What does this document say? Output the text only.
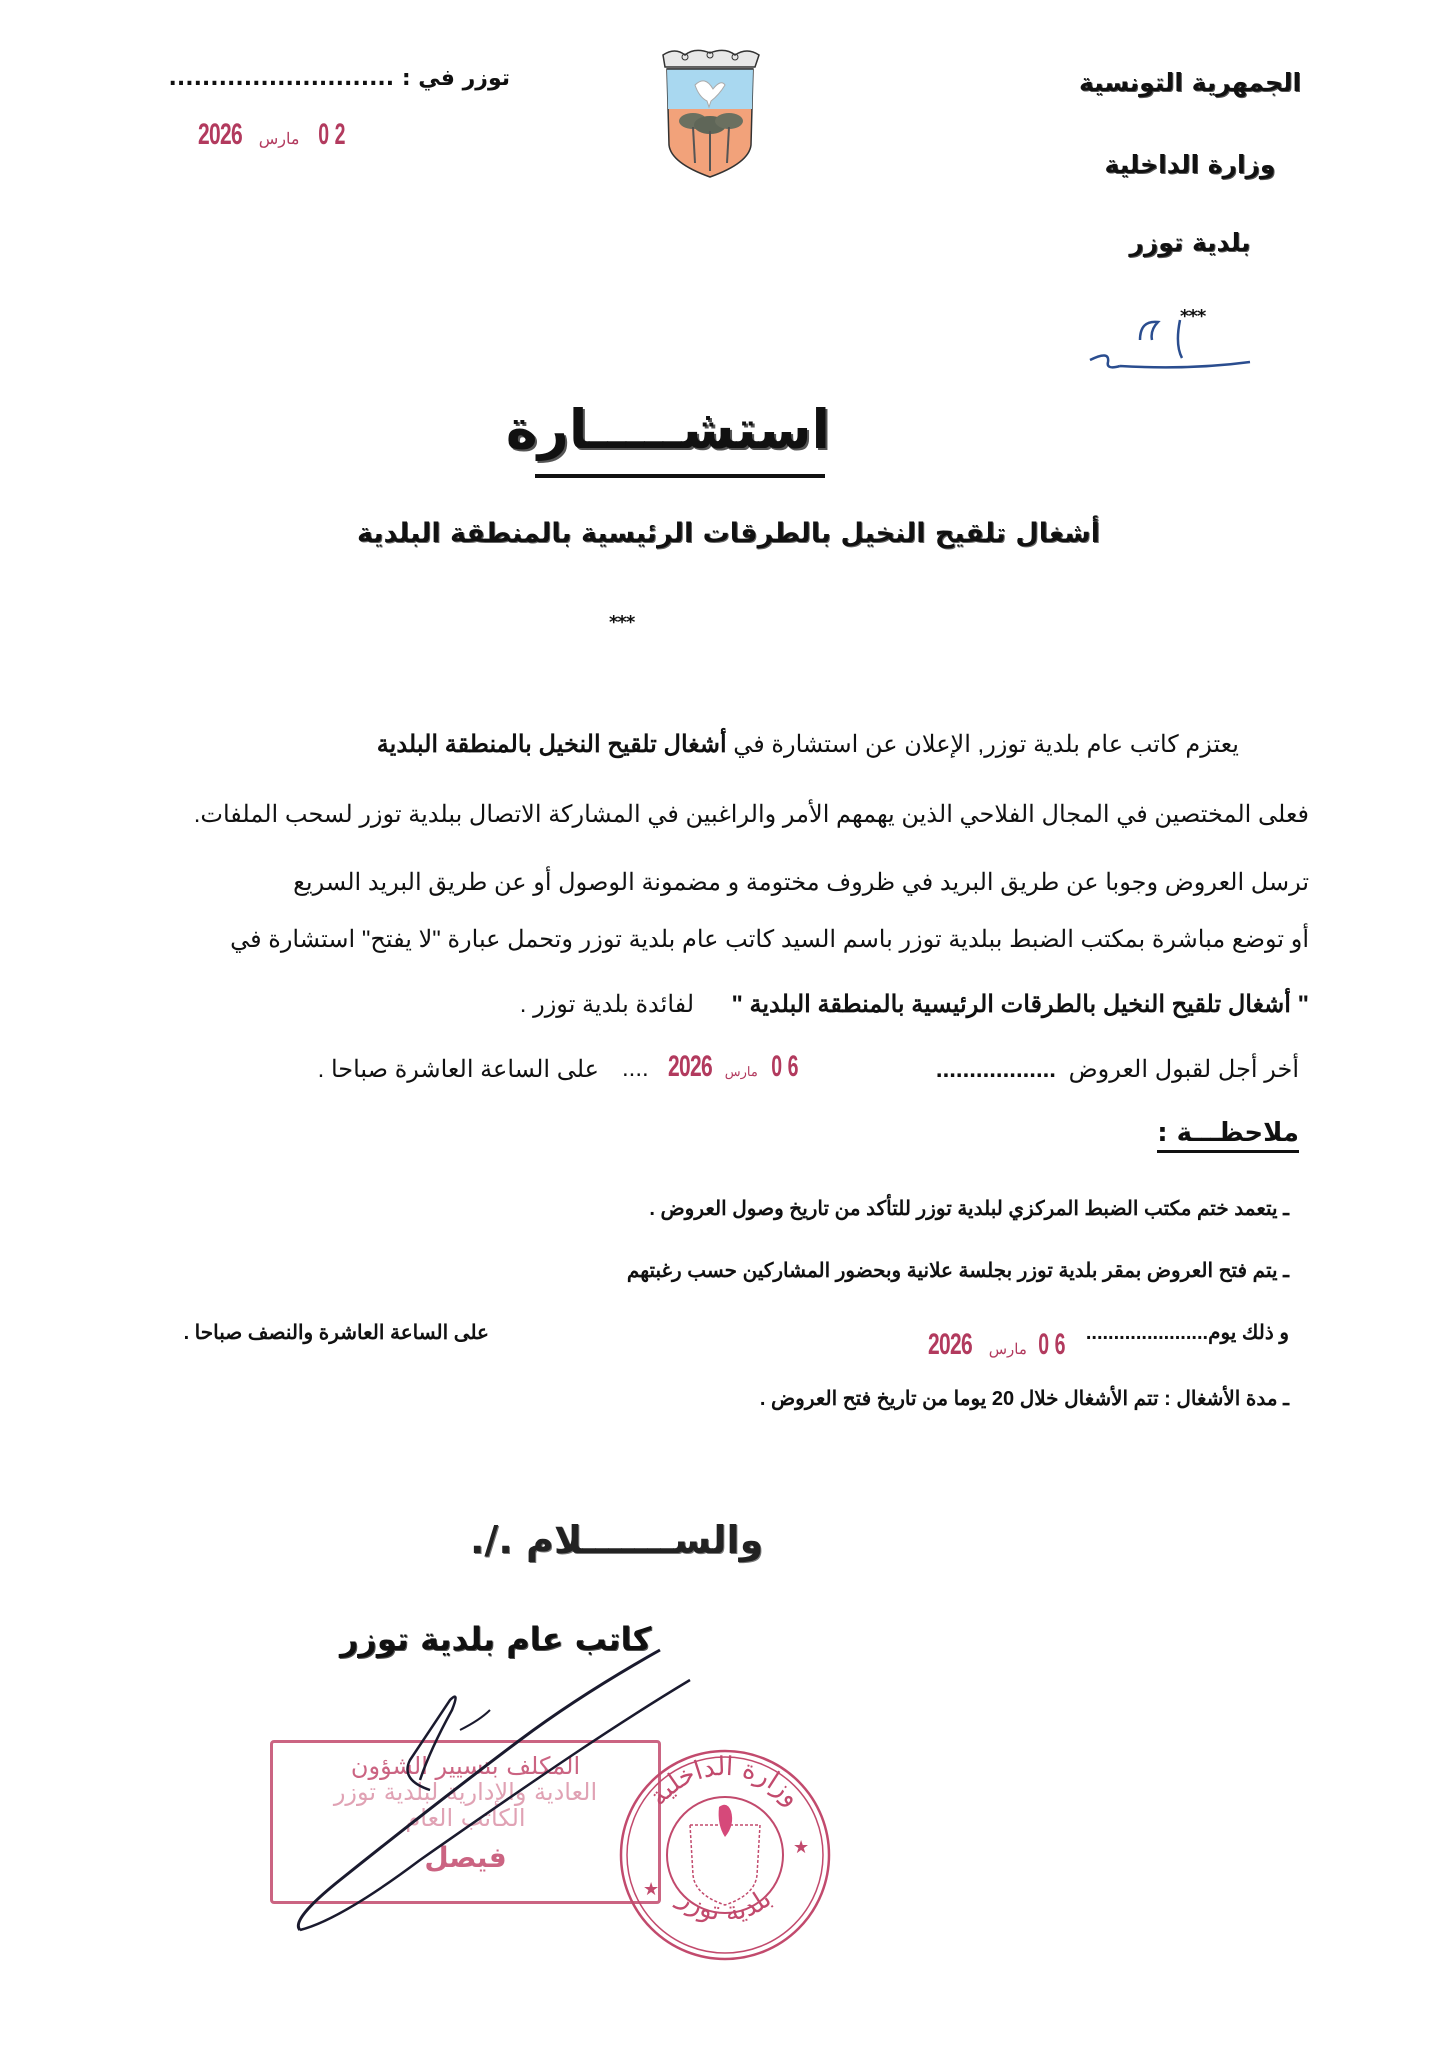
الجمهرية التونسية
وزارة الداخلية
بلدية توزر
***
توزر في : ...........................
2026 مارس 0 2
استشـــــارة
أشغال تلقيح النخيل بالطرقات الرئيسية بالمنطقة البلدية
***
يعتزم كاتب عام بلدية توزر, الإعلان عن استشارة في أشغال تلقيح النخيل بالمنطقة البلدية
فعلى المختصين في المجال الفلاحي الذين يهمهم الأمر والراغبين في المشاركة الاتصال ببلدية توزر لسحب الملفات.
ترسل العروض وجوبا عن طريق البريد في ظروف مختومة و مضمونة الوصول أو عن طريق البريد السريع
أو توضع مباشرة بمكتب الضبط ببلدية توزر باسم السيد كاتب عام بلدية توزر وتحمل عبارة "لا يفتح" استشارة في
" أشغال تلقيح النخيل بالطرقات الرئيسية بالمنطقة البلدية "  لفائدة بلدية توزر .
أخر أجل لقبول العروض ..................
2026 مارس 0 6
....
على الساعة العاشرة صباحا .
ملاحظـــة :
ـ يتعمد ختم مكتب الضبط المركزي لبلدية توزر للتأكد من تاريخ وصول العروض .
ـ يتم فتح العروض بمقر بلدية توزر بجلسة علانية وبحضور المشاركين حسب رغبتهم
و ذلك يوم......................
2026 مارس 0 6
على الساعة العاشرة والنصف صباحا .
ـ مدة الأشغال : تتم الأشغال خلال 20 يوما من تاريخ فتح العروض .
والســـــــلام ./.
كاتب عام بلدية توزر
المكلف بتسيير الشؤون
العادية والإدارية لبلدية توزر
الكاتب العام
فيصل
وزارة الداخلية
بلدية توزر
★
★
